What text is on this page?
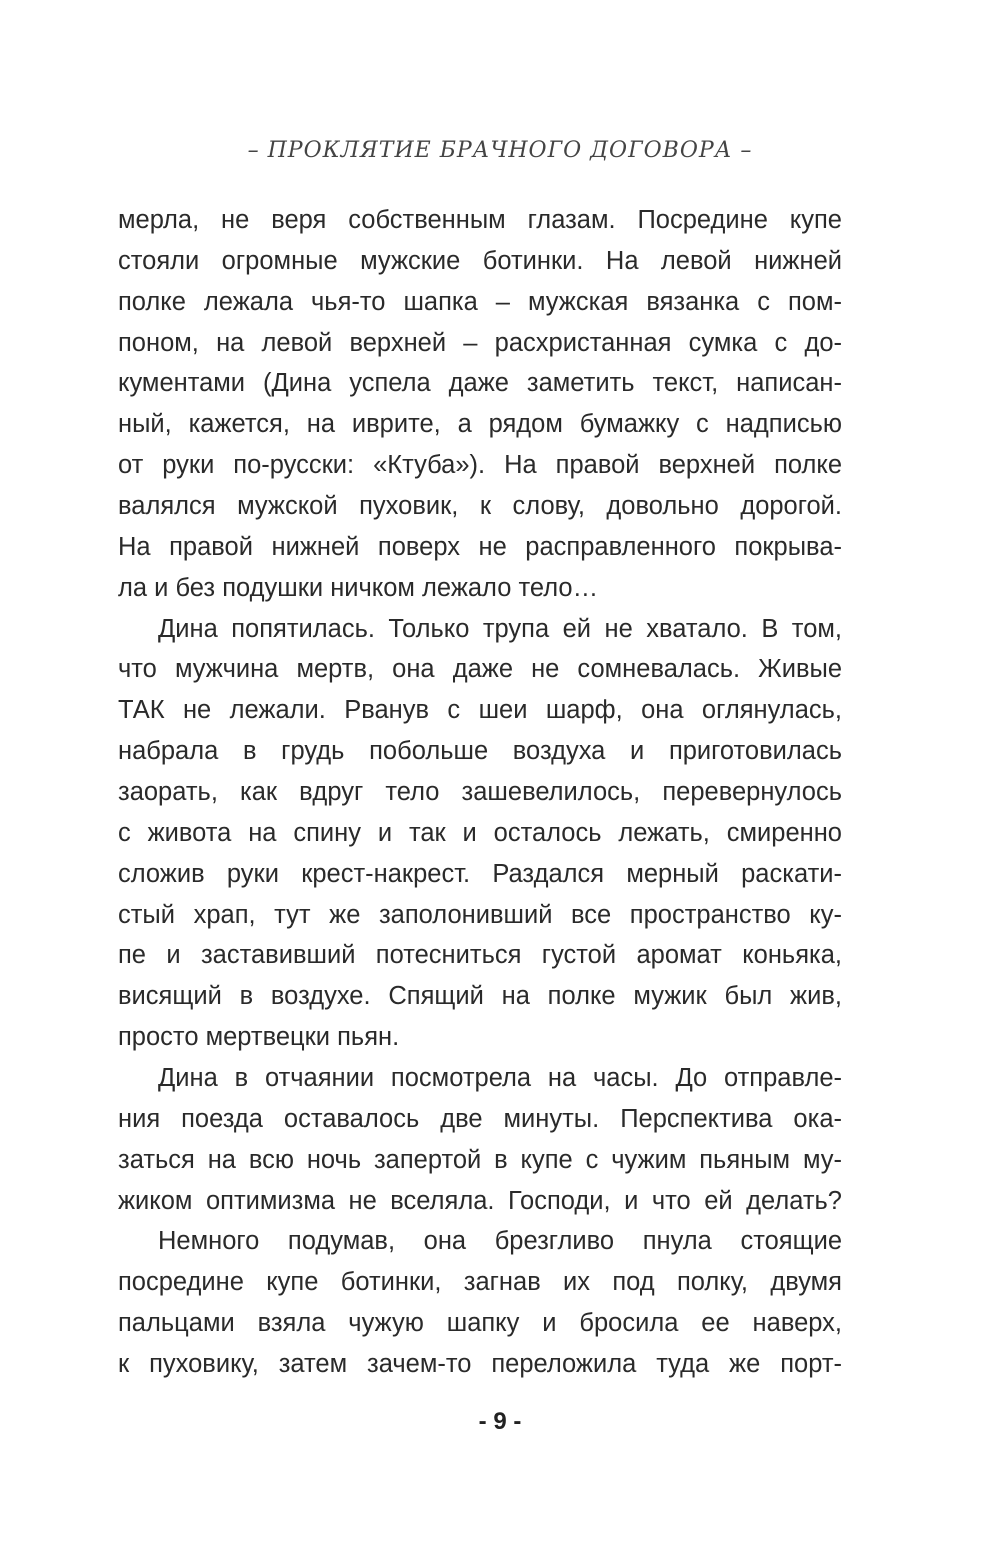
– ПРОКЛЯТИЕ БРАЧНОГО ДОГОВОРА –
мерла, не веря собственным глазам. Посредине купе
стояли огромные мужские ботинки. На левой нижней
полке лежала чья-то шапка – мужская вязанка с пом-
поном, на левой верхней – расхристанная сумка с до-
кументами (Дина успела даже заметить текст, написан-
ный, кажется, на иврите, а рядом бумажку с надписью
от руки по-русски: «Ктуба»). На правой верхней полке
валялся мужской пуховик, к слову, довольно дорогой.
На правой нижней поверх не расправленного покрыва-
ла и без подушки ничком лежало тело…
Дина попятилась. Только трупа ей не хватало. В том,
что мужчина мертв, она даже не сомневалась. Живые
ТАК не лежали. Рванув с шеи шарф, она оглянулась,
набрала в грудь побольше воздуха и приготовилась
заорать, как вдруг тело зашевелилось, перевернулось
с живота на спину и так и осталось лежать, смиренно
сложив руки крест-накрест. Раздался мерный раскати-
стый храп, тут же заполонивший все пространство ку-
пе и заставивший потесниться густой аромат коньяка,
висящий в воздухе. Спящий на полке мужик был жив,
просто мертвецки пьян.
Дина в отчаянии посмотрела на часы. До отправле-
ния поезда оставалось две минуты. Перспектива ока-
заться на всю ночь запертой в купе с чужим пьяным му-
жиком оптимизма не вселяла. Господи, и что ей делать?
Немного подумав, она брезгливо пнула стоящие
посредине купе ботинки, загнав их под полку, двумя
пальцами взяла чужую шапку и бросила ее наверх,
к пуховику, затем зачем-то переложила туда же порт-
- 9 -
